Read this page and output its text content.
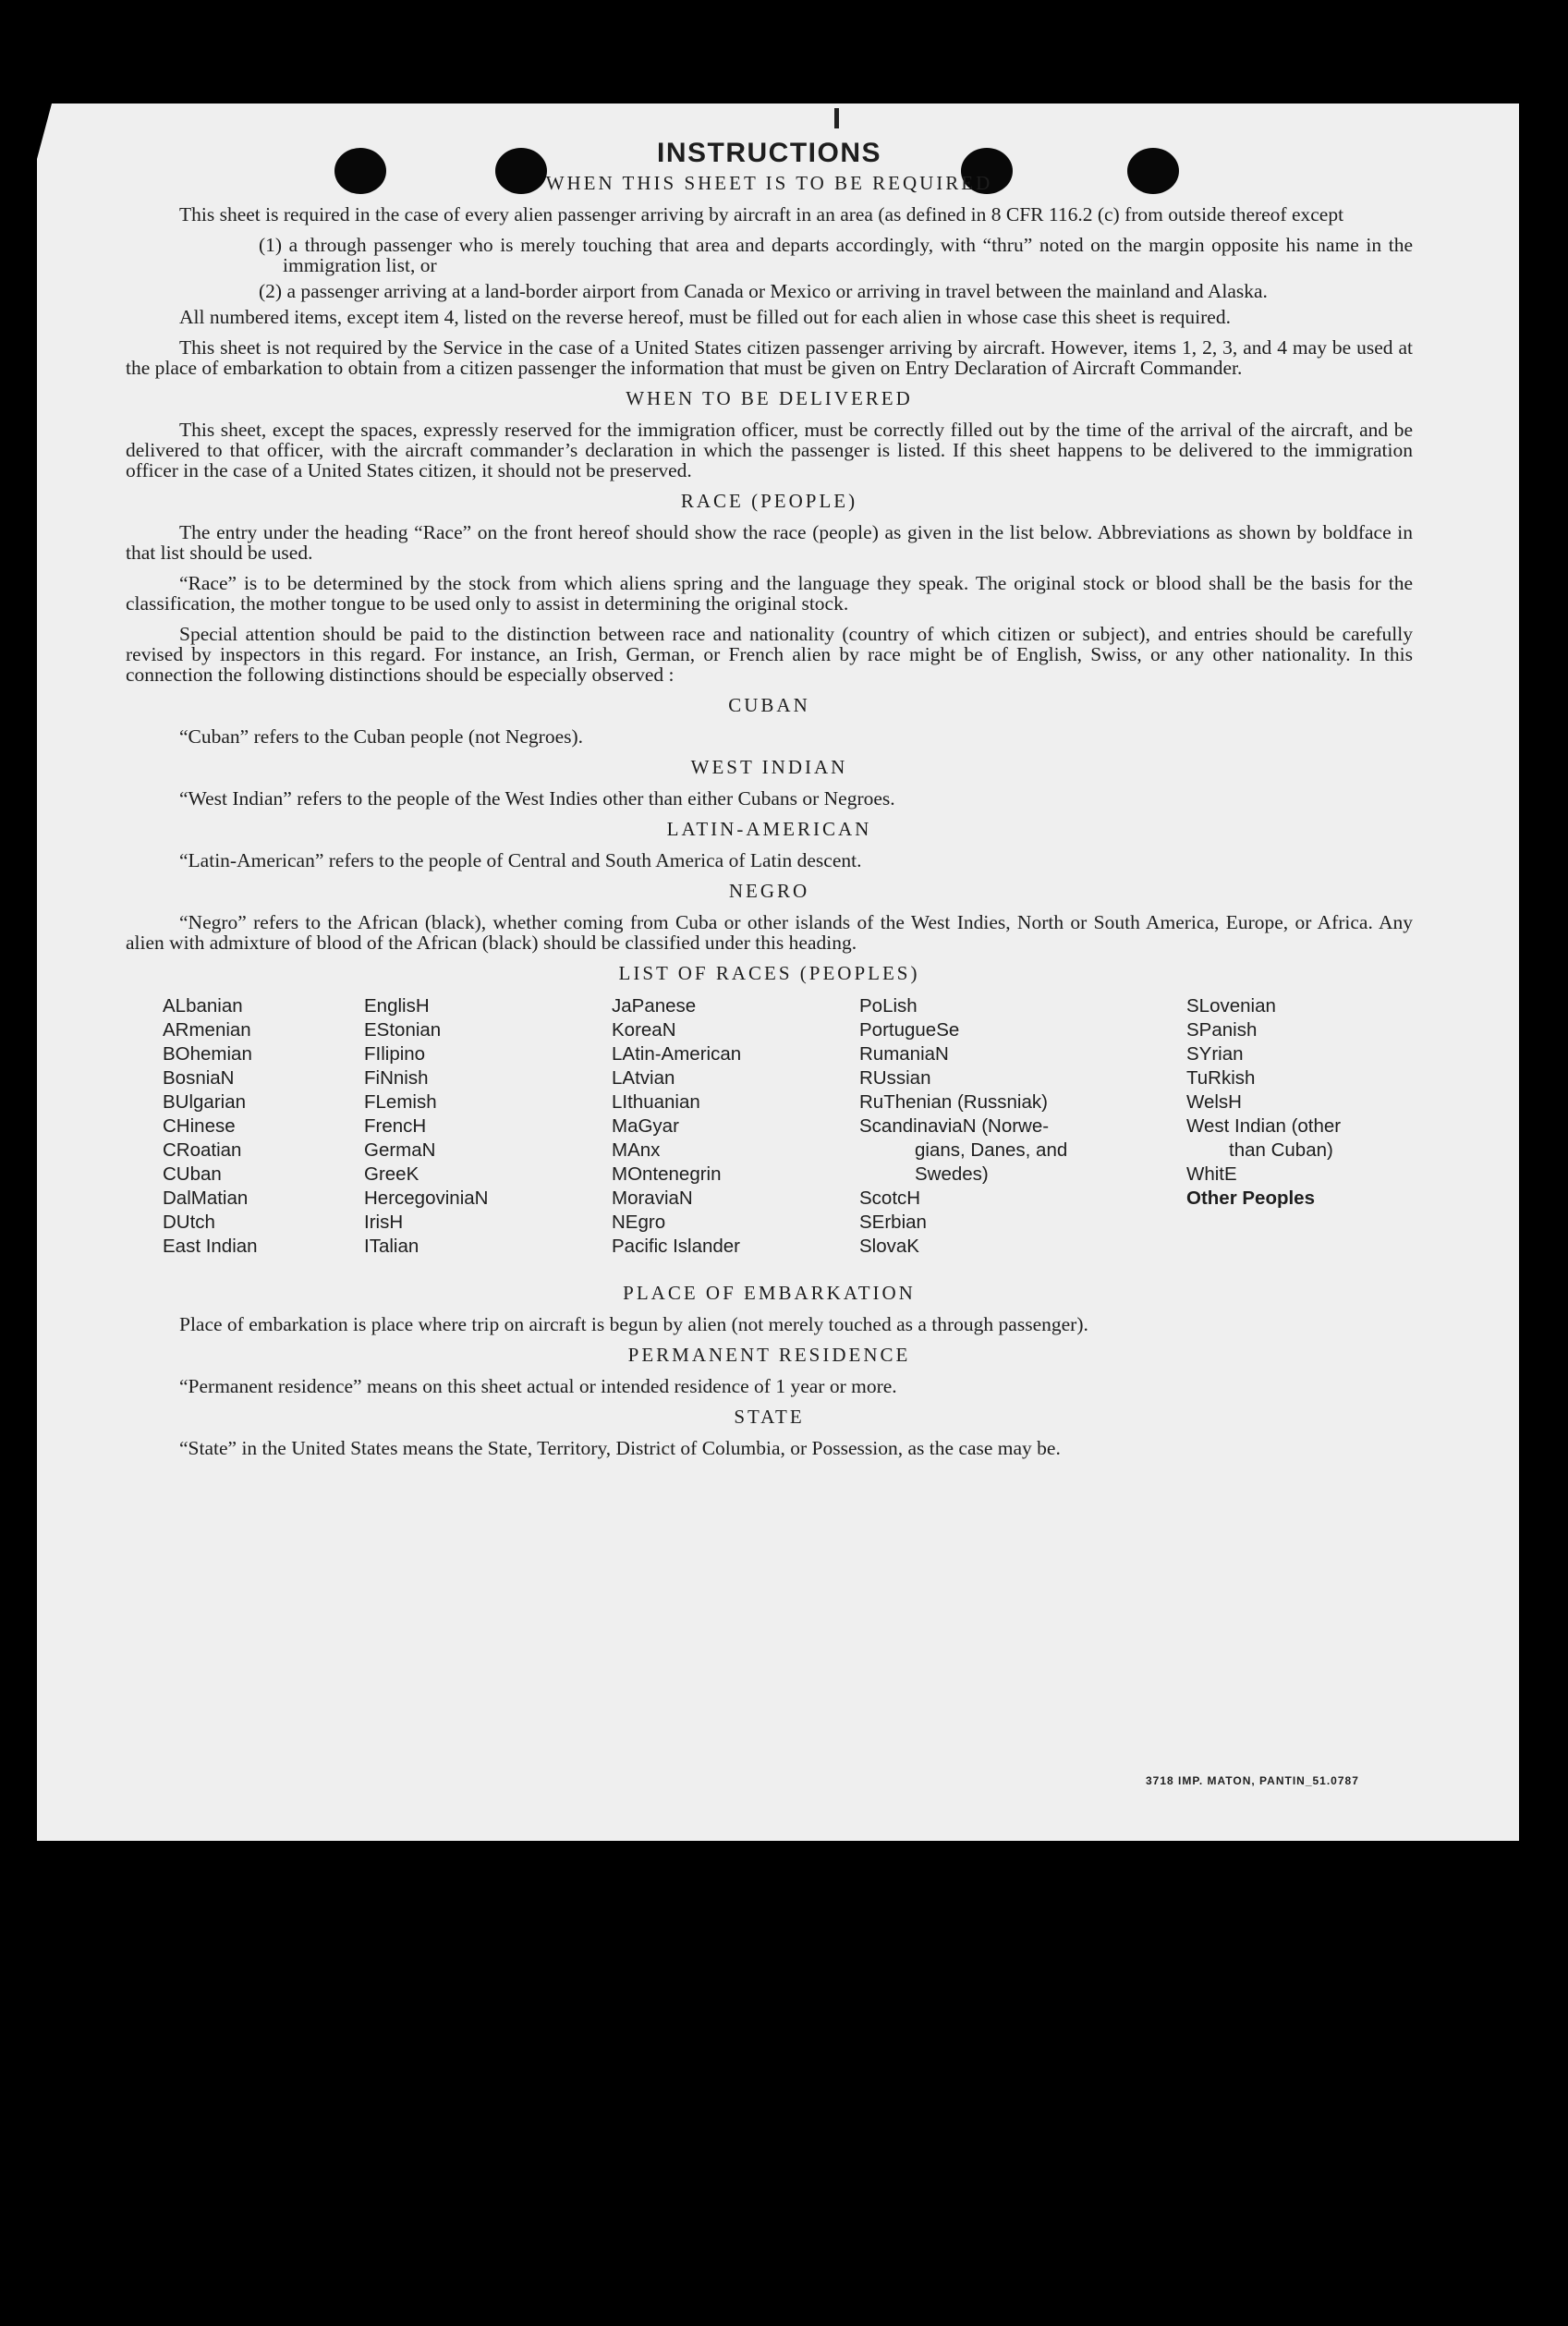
INSTRUCTIONS
WHEN THIS SHEET IS TO BE REQUIRED

This sheet is required in the case of every alien passenger arriving by aircraft in an area (as defined in 8 CFR 116.2 (c) from outside thereof except

(1) a through passenger who is merely touching that area and departs accordingly, with “thru” noted on the margin opposite his name in the immigration list, or

(2) a passenger arriving at a land-border airport from Canada or Mexico or arriving in travel between the mainland and Alaska.

All numbered items, except item 4, listed on the reverse hereof, must be filled out for each alien in whose case this sheet is required.

This sheet is not required by the Service in the case of a United States citizen passenger arriving by aircraft. However, items 1, 2, 3, and 4 may be used at the place of embarkation to obtain from a citizen passenger the information that must be given on Entry Declaration of Aircraft Commander.

WHEN TO BE DELIVERED

This sheet, except the spaces, expressly reserved for the immigration officer, must be correctly filled out by the time of the arrival of the aircraft, and be delivered to that officer, with the aircraft commander’s declaration in which the passenger is listed. If this sheet happens to be delivered to the immigration officer in the case of a United States citizen, it should not be preserved.

RACE (PEOPLE)

The entry under the heading “Race” on the front hereof should show the race (people) as given in the list below. Abbreviations as shown by boldface in that list should be used.

“Race” is to be determined by the stock from which aliens spring and the language they speak. The original stock or blood shall be the basis for the classification, the mother tongue to be used only to assist in determining the original stock.

Special attention should be paid to the distinction between race and nationality (country of which citizen or subject), and entries should be carefully revised by inspectors in this regard. For instance, an Irish, German, or French alien by race might be of English, Swiss, or any other nationality. In this connection the following distinctions should be especially observed :

CUBAN

“Cuban” refers to the Cuban people (not Negroes).

WEST INDIAN

“West Indian” refers to the people of the West Indies other than either Cubans or Negroes.

LATIN-AMERICAN

“Latin-American” refers to the people of Central and South America of Latin descent.

NEGRO

“Negro” refers to the African (black), whether coming from Cuba or other islands of the West Indies, North or South America, Europe, or Africa. Any alien with admixture of blood of the African (black) should be classified under this heading.

LIST OF RACES (PEOPLES)
ALbanian
ARmenian
BOhemian
BosniaN
BUlgarian
CHinese
CRoatian
CUban
DalMatian
DUtch
East Indian
EnglisH
EStonian
FIlipino
FiNnish
FLemish
FrencH
GermaN
GreeK
HercegoviniaN
IrisH
ITalian
JaPanese
KoreaN
LAtin-American
LAtvian
LIthuanian
MaGyar
MAnx
MOntenegrin
MoraviaN
NEgro
Pacific Islander
PoLish
PortugueSe
RumaniaN
RUssian
RuThenian (Russniak)
ScandinaviaN (Norwe-
gians, Danes, and
Swedes)
ScotcH
SErbian
SlovaK
SLovenian
SPanish
SYrian
TuRkish
WelsH
West Indian (other
than Cuban)
WhitE
Other Peoples
PLACE OF EMBARKATION

Place of embarkation is place where trip on aircraft is begun by alien (not merely touched as a through passenger).

PERMANENT RESIDENCE

“Permanent residence” means on this sheet actual or intended residence of 1 year or more.

STATE

“State” in the United States means the State, Territory, District of Columbia, or Possession, as the case may be.

3718 IMP. MATON, PANTIN_51.0787
